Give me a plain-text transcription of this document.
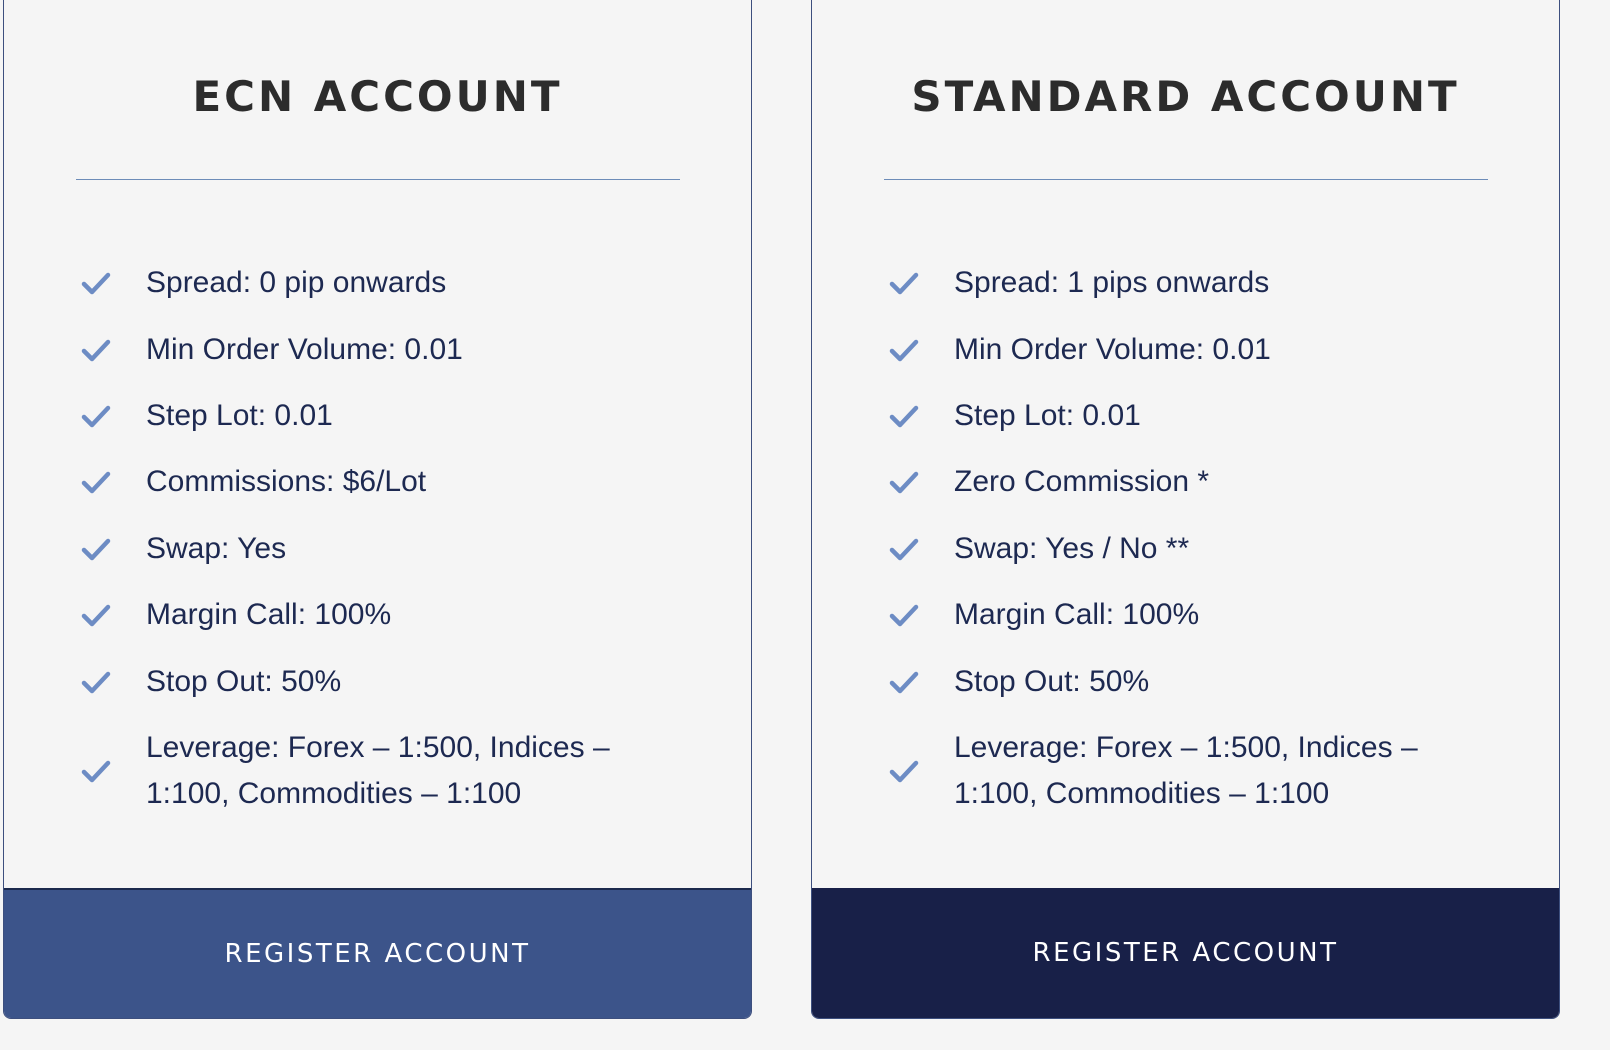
ECN ACCOUNT
Spread: 0 pip onwards
Min Order Volume: 0.01
Step Lot: 0.01
Commissions: $6/Lot
Swap: Yes
Margin Call: 100%
Stop Out: 50%
Leverage: Forex – 1:500, Indices – 1:100, Commodities – 1:100
REGISTER ACCOUNT
STANDARD ACCOUNT
Spread: 1 pips onwards
Min Order Volume: 0.01
Step Lot: 0.01
Zero Commission *
Swap: Yes / No **
Margin Call: 100%
Stop Out: 50%
Leverage: Forex – 1:500, Indices – 1:100, Commodities – 1:100
REGISTER ACCOUNT
